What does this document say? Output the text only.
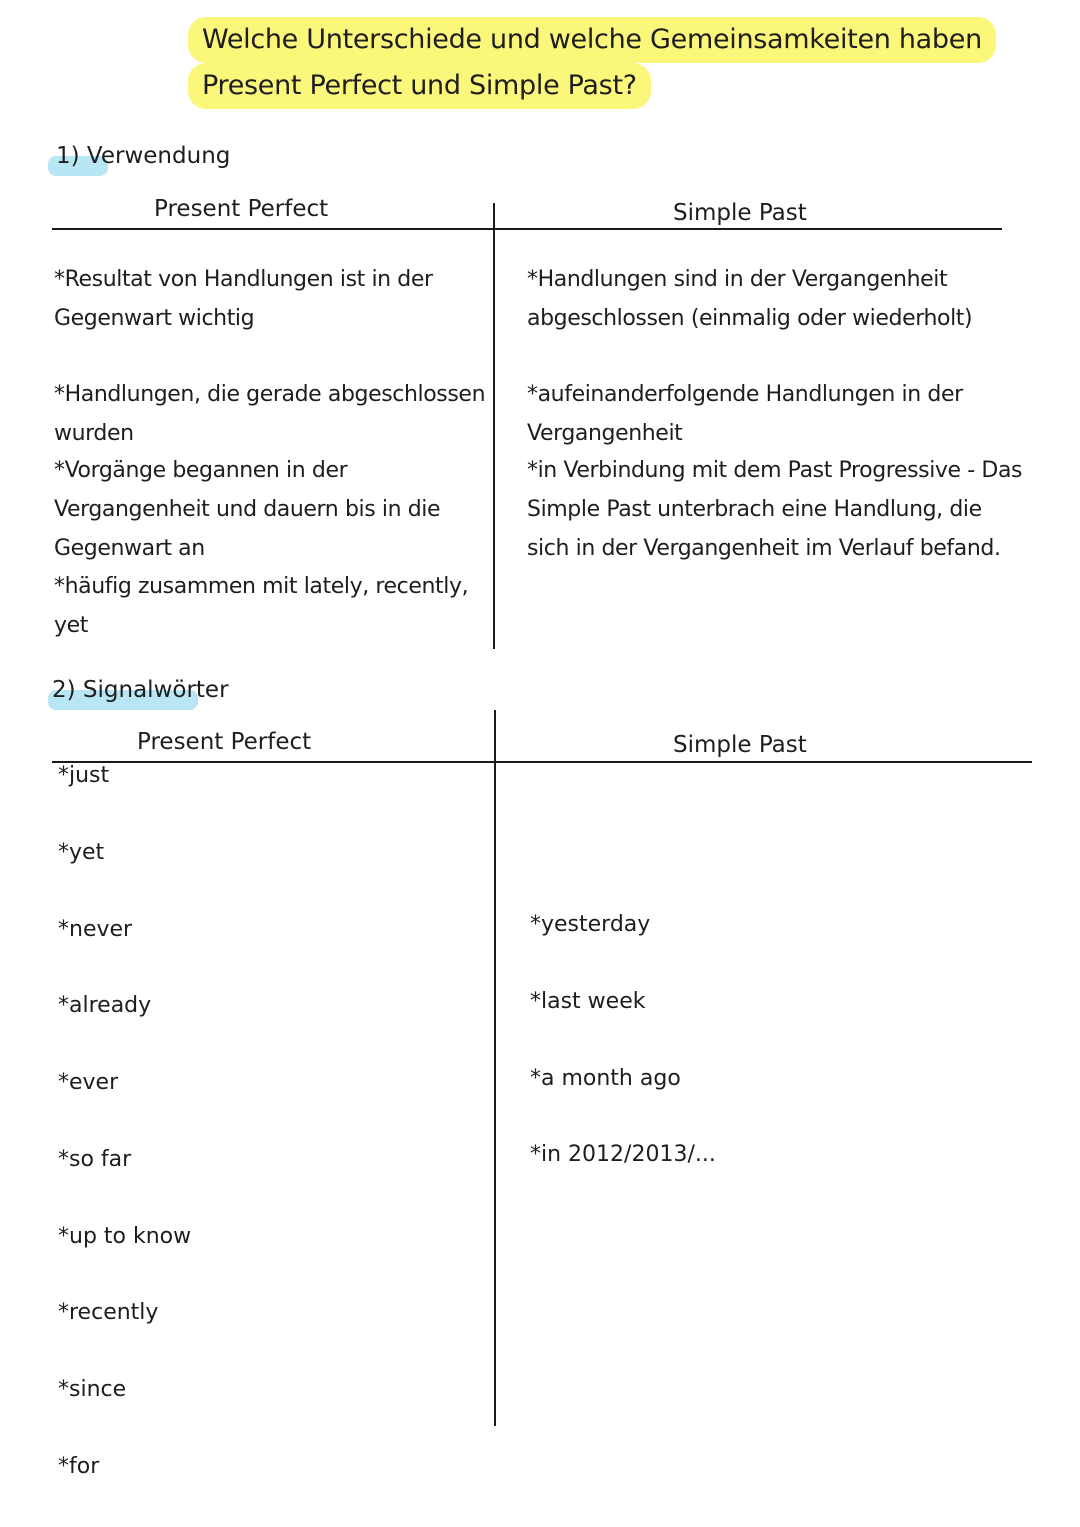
Welche Unterschiede und welche Gemeinsamkeiten haben
Present Perfect und Simple Past?
1) Verwendung
Present Perfect	Simple Past
*Resultat von Handlungen ist in der Gegenwart wichtig
*Handlungen, die gerade abgeschlossen wurden
*Vorgänge begannen in der Vergangenheit und dauern bis in die Gegenwart an
*häufig zusammen mit lately, recently, yet
*Handlungen sind in der Vergangenheit abgeschlossen (einmalig oder wiederholt)
*aufeinanderfolgende Handlungen in der Vergangenheit
*in Verbindung mit dem Past Progressive - Das Simple Past unterbrach eine Handlung, die sich in der Vergangenheit im Verlauf befand.
2) Signalwörter
Present Perfect	Simple Past
*just
*yet
*never
*already
*ever
*so far
*up to know
*recently
*since
*for
*yesterday
*last week
*a month ago
*in 2012/2013/...
